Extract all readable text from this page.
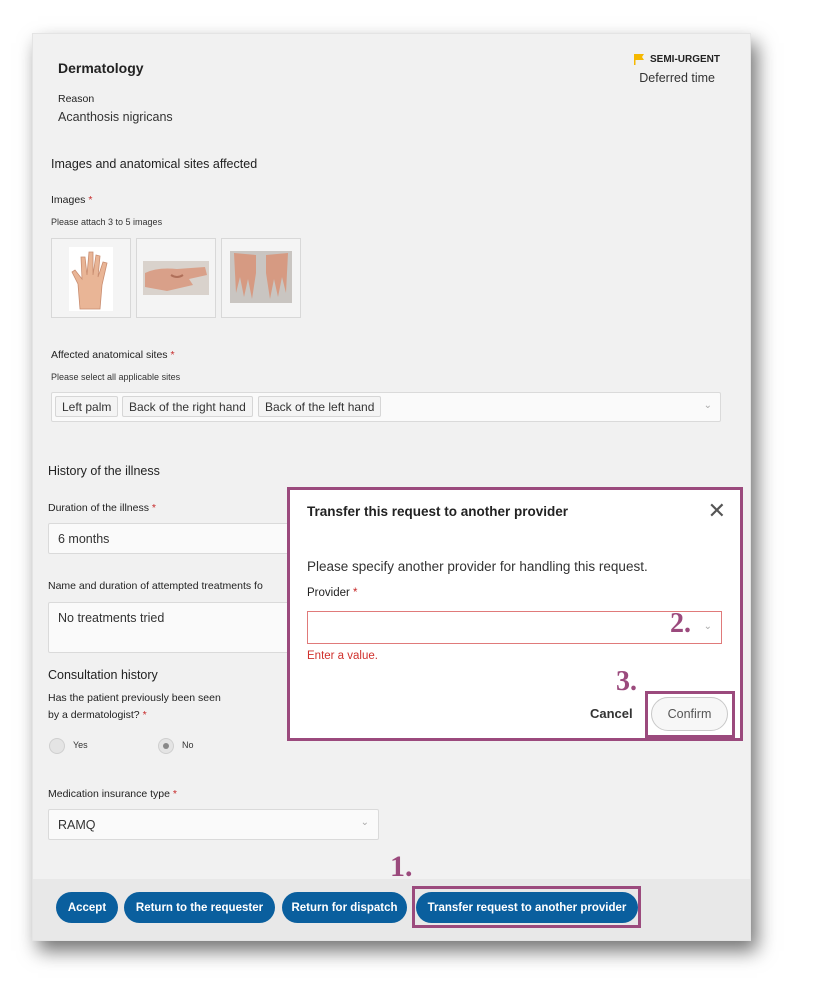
Dermatology
SEMI-URGENT
Deferred time
Reason
Acanthosis nigricans
Images and anatomical sites affected
Images *
Please attach 3 to 5 images
Affected anatomical sites *
Please select all applicable sites
Left palm	Back of the right hand	Back of the left hand	⌄
History of the illness
Duration of the illness *
6 months
Name and duration of attempted treatments fo
No treatments tried
Consultation history
Has the patient previously been seen
by a dermatologist? *
Yes	No
Medication insurance type *
RAMQ	⌄
Accept	Return to the requester	Return for dispatch	Transfer request to another provider
1.
Transfer this request to another provider	✕
Please specify another provider for handling this request.
Provider *
⌄
2.
Enter a value.
3.
Cancel	Confirm
